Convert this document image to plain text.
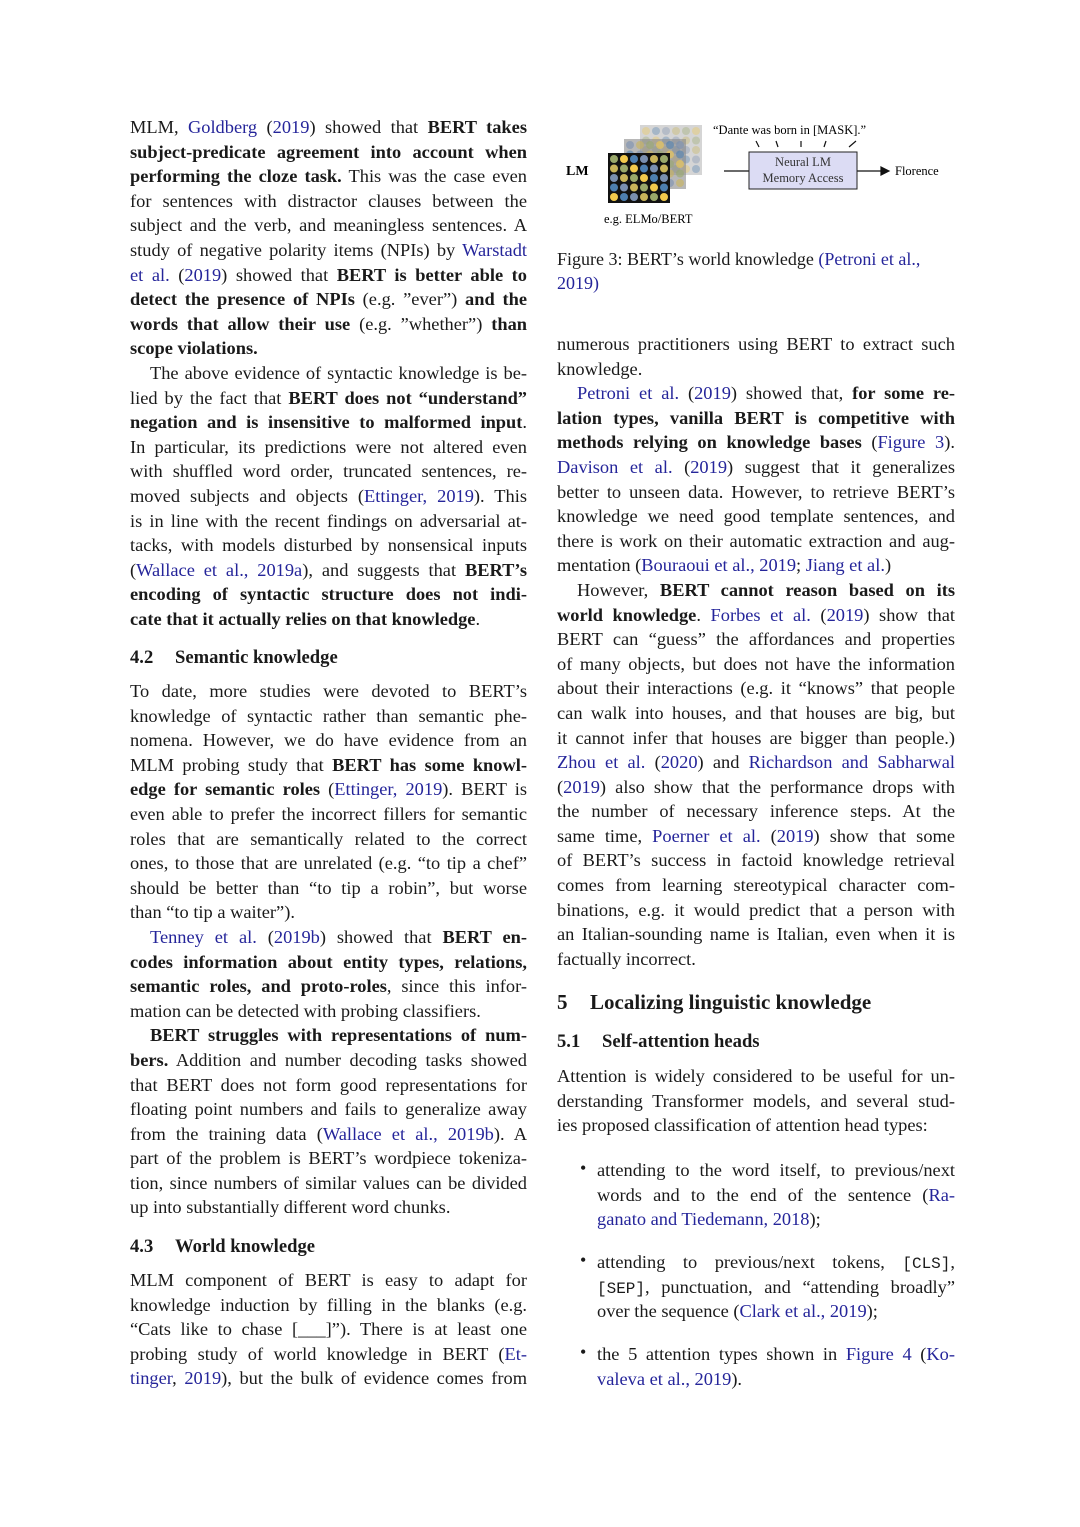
LM
e.g. ELMo/BERT
“Dante was born in [MASK].”
Neural LM
Memory Access	Florence
Figure 3: BERT’s world knowledge (Petroni et al.,
2019)
MLM, Goldberg (2019) showed that BERT takes
subject-predicate agreement into account when
performing the cloze task. This was the case even
for sentences with distractor clauses between the
subject and the verb, and meaningless sentences. A
study of negative polarity items (NPIs) by Warstadt
et al. (2019) showed that BERT is better able to
detect the presence of NPIs (e.g. ”ever”) and the
words that allow their use (e.g. ”whether”) than
scope violations.
The above evidence of syntactic knowledge is be-
lied by the fact that BERT does not “understand”
negation and is insensitive to malformed input.
In particular, its predictions were not altered even
with shuffled word order, truncated sentences, re-
moved subjects and objects (Ettinger, 2019). This
is in line with the recent findings on adversarial at-
tacks, with models disturbed by nonsensical inputs
(Wallace et al., 2019a), and suggests that BERT’s
encoding of syntactic structure does not indi-
cate that it actually relies on that knowledge.
4.2 Semantic knowledge
To date, more studies were devoted to BERT’s
knowledge of syntactic rather than semantic phe-
nomena. However, we do have evidence from an
MLM probing study that BERT has some knowl-
edge for semantic roles (Ettinger, 2019). BERT is
even able to prefer the incorrect fillers for semantic
roles that are semantically related to the correct
ones, to those that are unrelated (e.g. “to tip a chef”
should be better than “to tip a robin”, but worse
than “to tip a waiter”).
Tenney et al. (2019b) showed that BERT en-
codes information about entity types, relations,
semantic roles, and proto-roles, since this infor-
mation can be detected with probing classifiers.
BERT struggles with representations of num-
bers. Addition and number decoding tasks showed
that BERT does not form good representations for
floating point numbers and fails to generalize away
from the training data (Wallace et al., 2019b). A
part of the problem is BERT’s wordpiece tokeniza-
tion, since numbers of similar values can be divided
up into substantially different word chunks.
4.3 World knowledge
MLM component of BERT is easy to adapt for
knowledge induction by filling in the blanks (e.g.
“Cats like to chase [___]”). There is at least one
probing study of world knowledge in BERT (Et-
tinger, 2019), but the bulk of evidence comes from
numerous practitioners using BERT to extract such
knowledge.
Petroni et al. (2019) showed that, for some re-
lation types, vanilla BERT is competitive with
methods relying on knowledge bases (Figure 3).
Davison et al. (2019) suggest that it generalizes
better to unseen data. However, to retrieve BERT’s
knowledge we need good template sentences, and
there is work on their automatic extraction and aug-
mentation (Bouraoui et al., 2019; Jiang et al.)
However, BERT cannot reason based on its
world knowledge. Forbes et al. (2019) show that
BERT can “guess” the affordances and properties
of many objects, but does not have the information
about their interactions (e.g. it “knows” that people
can walk into houses, and that houses are big, but
it cannot infer that houses are bigger than people.)
Zhou et al. (2020) and Richardson and Sabharwal
(2019) also show that the performance drops with
the number of necessary inference steps. At the
same time, Poerner et al. (2019) show that some
of BERT’s success in factoid knowledge retrieval
comes from learning stereotypical character com-
binations, e.g. it would predict that a person with
an Italian-sounding name is Italian, even when it is
factually incorrect.
5 Localizing linguistic knowledge
5.1 Self-attention heads
Attention is widely considered to be useful for un-
derstanding Transformer models, and several stud-
ies proposed classification of attention head types:
• attending to the word itself, to previous/next
words and to the end of the sentence (Ra-
ganato and Tiedemann, 2018);
• attending to previous/next tokens, [CLS],
[SEP], punctuation, and “attending broadly”
over the sequence (Clark et al., 2019);
• the 5 attention types shown in Figure 4 (Ko-
valeva et al., 2019).
